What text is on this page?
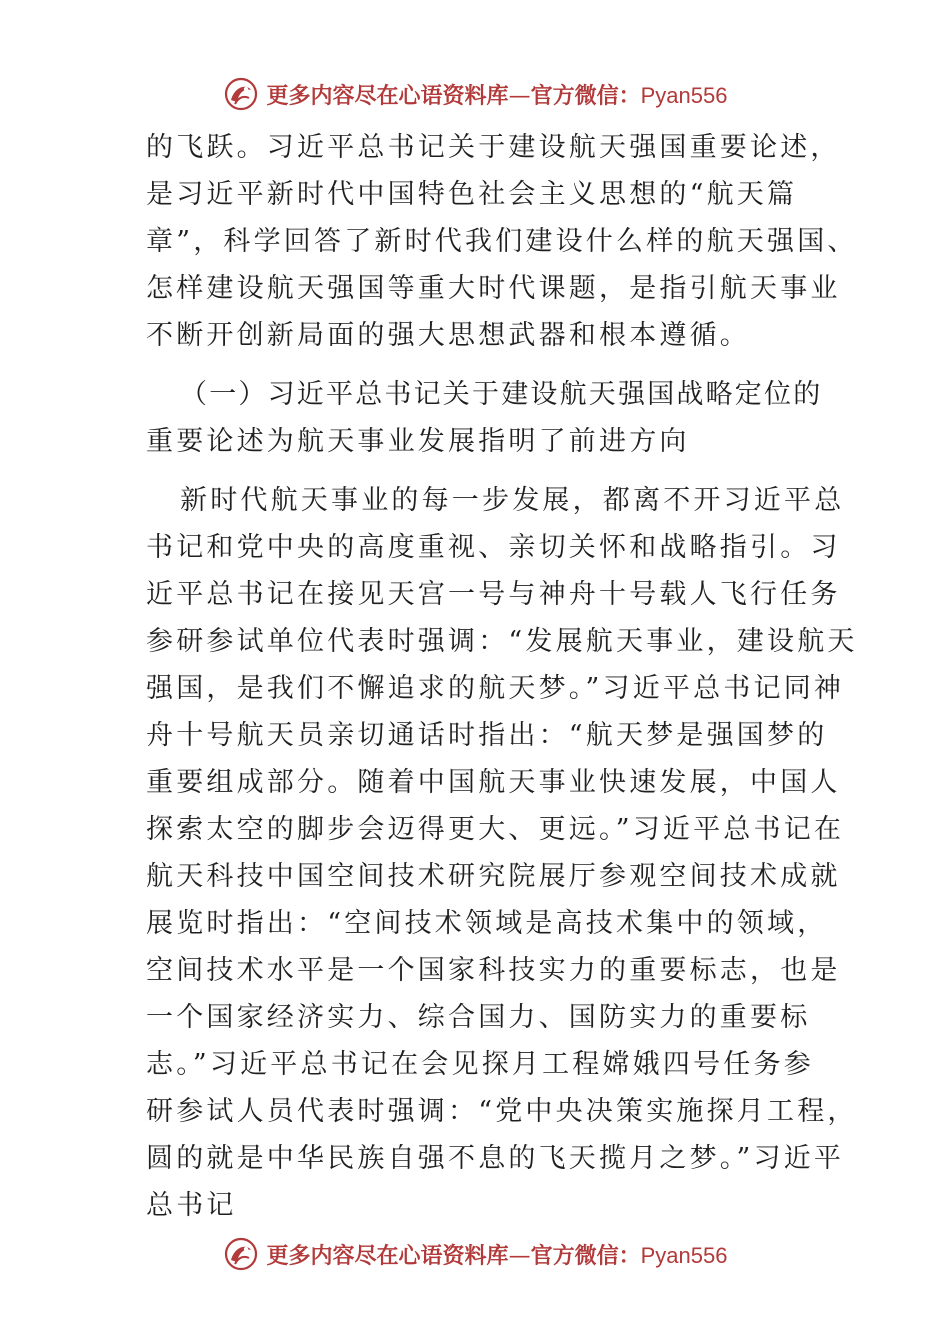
更多内容尽在心语资料库—官方微信：Pyan556
的飞跃。习近平总书记关于建设航天强国重要论述，
是习近平新时代中国特色社会主义思想的“航天篇
章”，科学回答了新时代我们建设什么样的航天强国、
怎样建设航天强国等重大时代课题，是指引航天事业
不断开创新局面的强大思想武器和根本遵循。
（一）习近平总书记关于建设航天强国战略定位的
重要论述为航天事业发展指明了前进方向
新时代航天事业的每一步发展，都离不开习近平总
书记和党中央的高度重视、亲切关怀和战略指引。习
近平总书记在接见天宫一号与神舟十号载人飞行任务
参研参试单位代表时强调：“发展航天事业，建设航天
强国，是我们不懈追求的航天梦。”习近平总书记同神
舟十号航天员亲切通话时指出：“航天梦是强国梦的
重要组成部分。随着中国航天事业快速发展，中国人
探索太空的脚步会迈得更大、更远。”习近平总书记在
航天科技中国空间技术研究院展厅参观空间技术成就
展览时指出：“空间技术领域是高技术集中的领域，
空间技术水平是一个国家科技实力的重要标志，也是
一个国家经济实力、综合国力、国防实力的重要标
志。”习近平总书记在会见探月工程嫦娥四号任务参
研参试人员代表时强调：“党中央决策实施探月工程，
圆的就是中华民族自强不息的飞天揽月之梦。”习近平
总书记
更多内容尽在心语资料库—官方微信：Pyan556
